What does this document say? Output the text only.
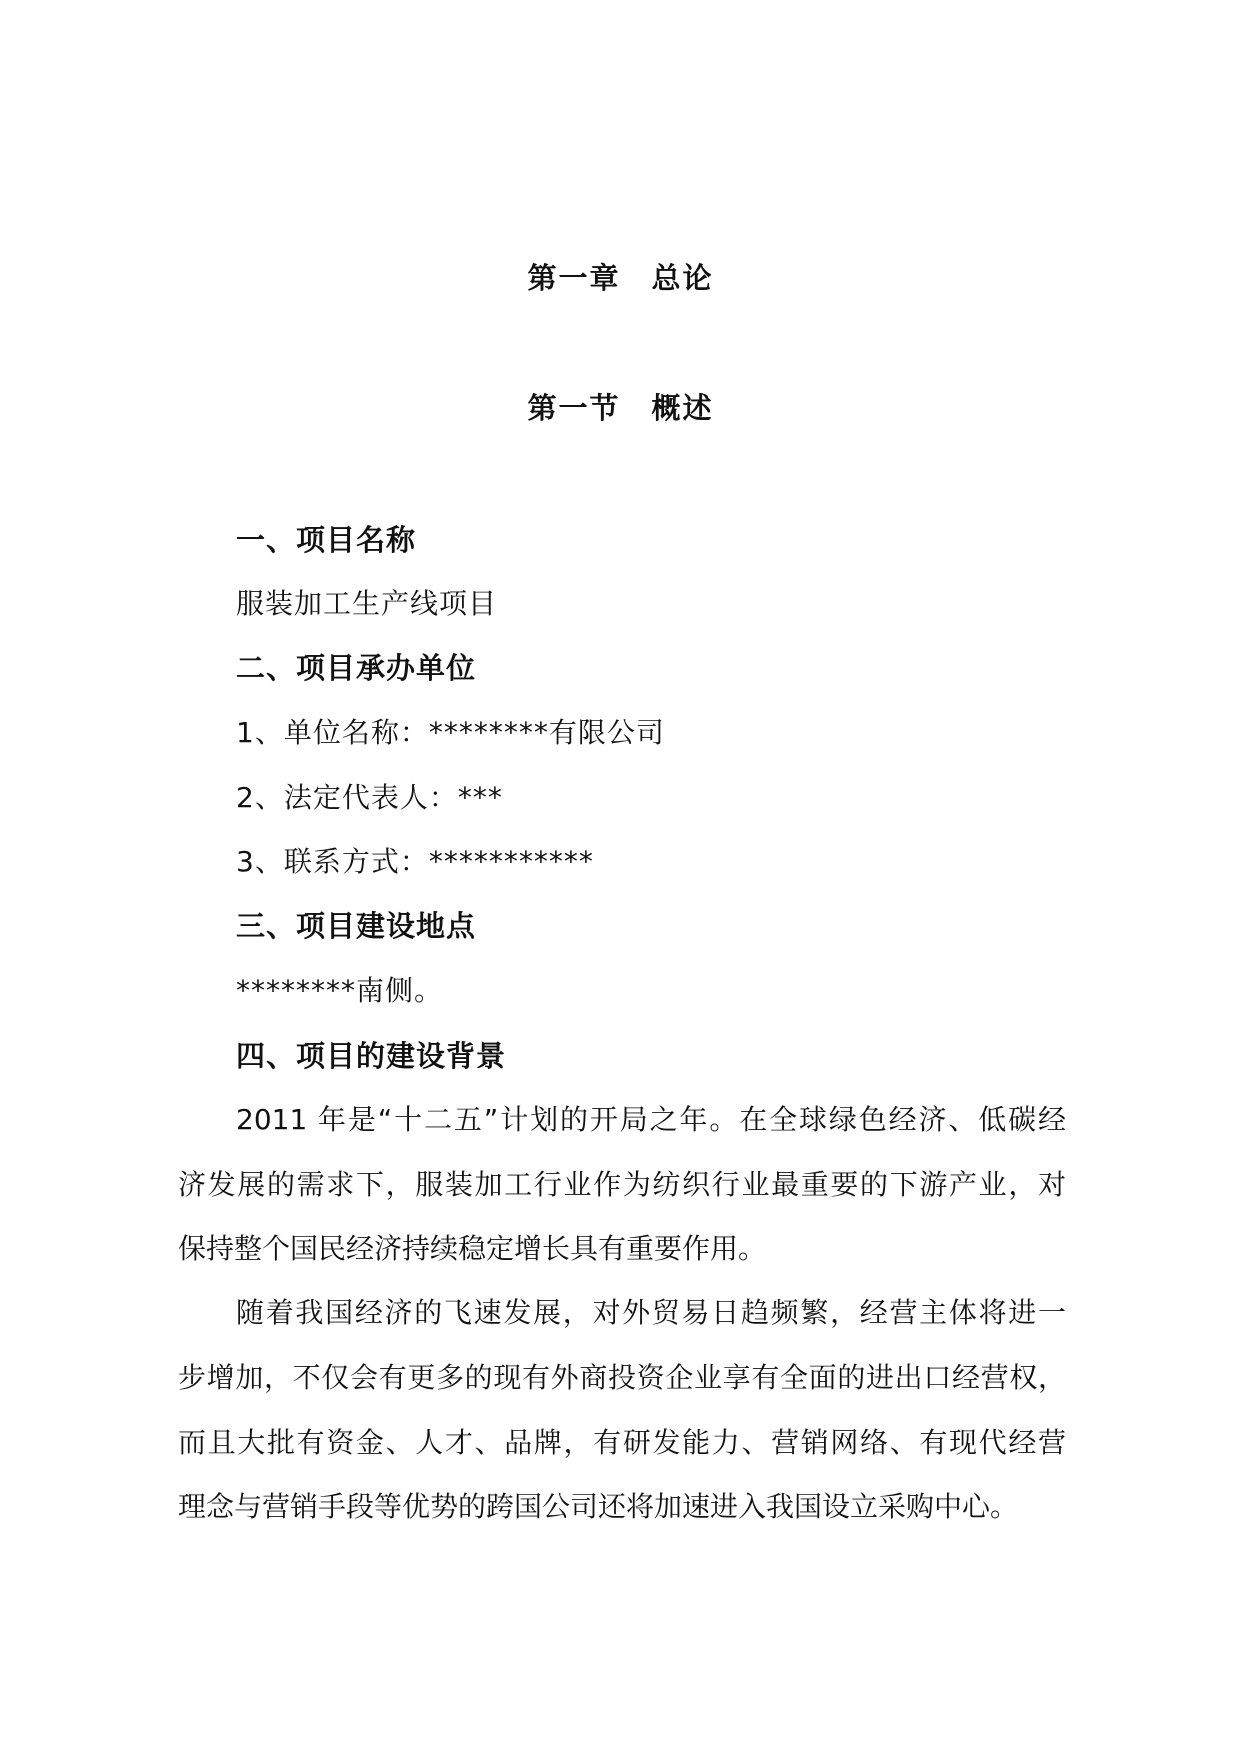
第一章　总论
第一节　概述
一、项目名称
服装加工生产线项目
二、项目承办单位
1、单位名称：********有限公司
2、法定代表人：***
3、联系方式：***********
三、项目建设地点
********南侧。
四、项目的建设背景
2011 年是“十二五”计划的开局之年。在全球绿色经济、低碳经
济发展的需求下，服装加工行业作为纺织行业最重要的下游产业，对
保持整个国民经济持续稳定增长具有重要作用。
随着我国经济的飞速发展，对外贸易日趋频繁，经营主体将进一
步增加，不仅会有更多的现有外商投资企业享有全面的进出口经营权，
而且大批有资金、人才、品牌，有研发能力、营销网络、有现代经营
理念与营销手段等优势的跨国公司还将加速进入我国设立采购中心。
